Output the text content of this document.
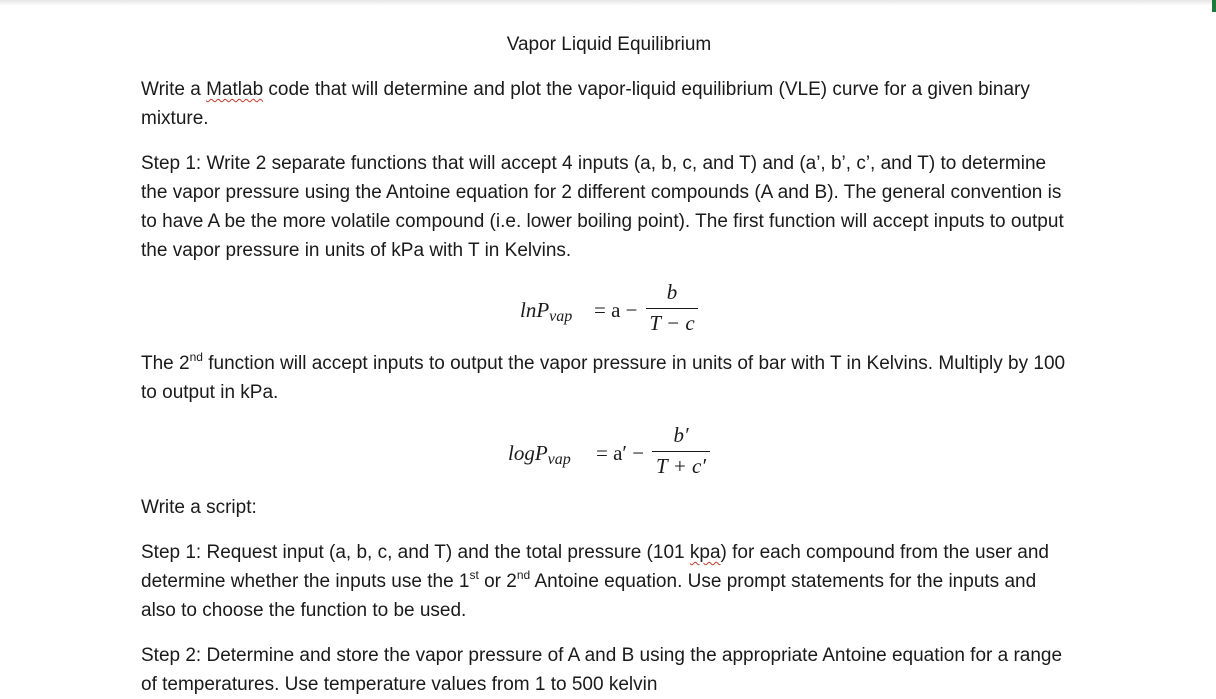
Vapor Liquid Equilibrium

Write a Matlab code that will determine and plot the vapor-liquid equilibrium (VLE) curve for a given binary mixture.

Step 1: Write 2 separate functions that will accept 4 inputs (a, b, c, and T) and (a’, b’, c’, and T) to determine the vapor pressure using the Antoine equation for 2 different compounds (A and B). The general convention is to have A be the more volatile compound (i.e. lower boiling point). The first function will accept inputs to output the vapor pressure in units of kPa with T in Kelvins.

lnP$_{vap}$ = a −
b
T − c

The 2nd function will accept inputs to output the vapor pressure in units of bar with T in Kelvins. Multiply by 100 to output in kPa.

logP$_{vap}$ = a′ −
b′
T + c′

Write a script:

Step 1: Request input (a, b, c, and T) and the total pressure (101 kpa) for each compound from the user and determine whether the inputs use the 1st or 2nd Antoine equation. Use prompt statements for the inputs and also to choose the function to be used.

Step 2: Determine and store the vapor pressure of A and B using the appropriate Antoine equation for a range of temperatures. Use temperature values from 1 to 500 kelvin
